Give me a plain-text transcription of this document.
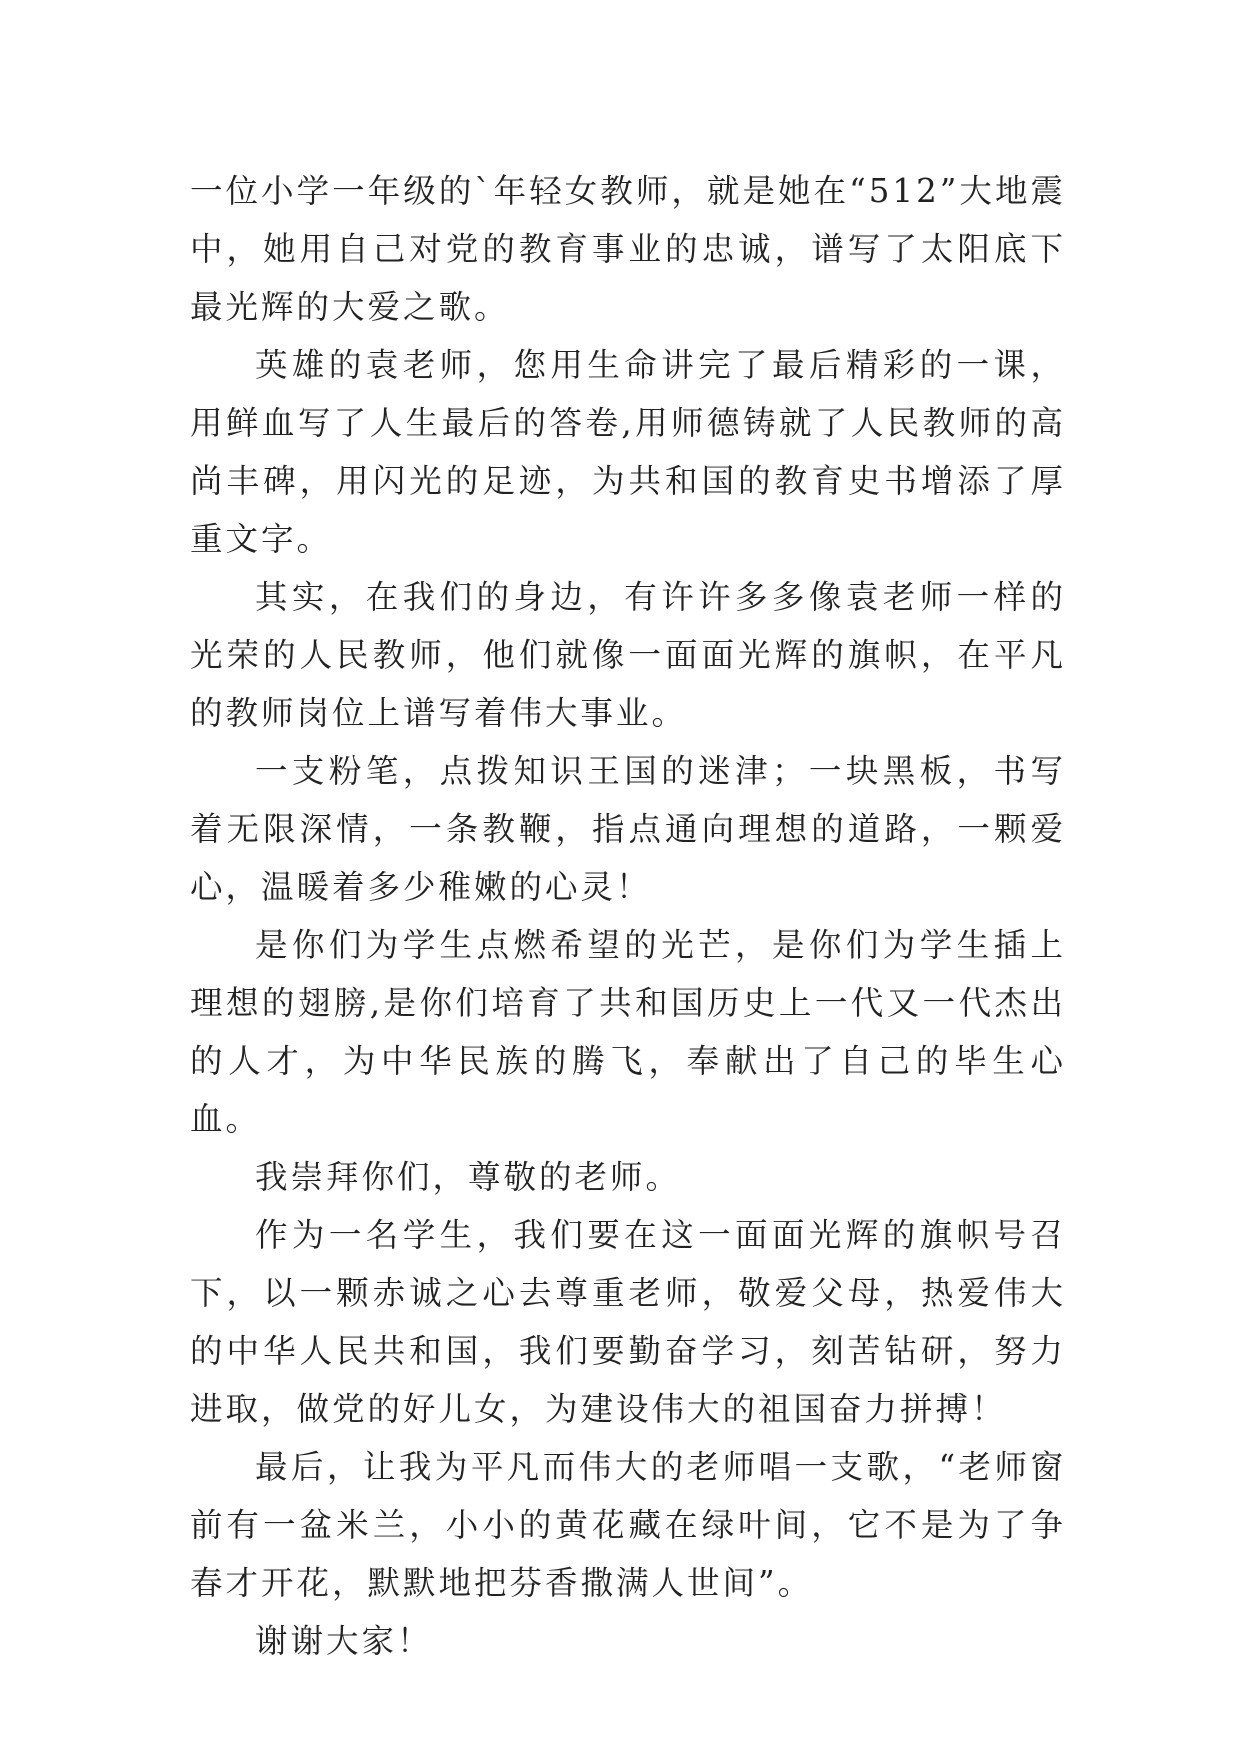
一位小学一年级的`年轻女教师，就是她在“512”大地震中，她用自己对党的教育事业的忠诚，谱写了太阳底下最光辉的大爱之歌。

英雄的袁老师，您用生命讲完了最后精彩的一课，用鲜血写了人生最后的答卷,用师德铸就了人民教师的高尚丰碑，用闪光的足迹，为共和国的教育史书增添了厚重文字。

其实，在我们的身边，有许许多多像袁老师一样的光荣的人民教师，他们就像一面面光辉的旗帜，在平凡的教师岗位上谱写着伟大事业。

一支粉笔，点拨知识王国的迷津；一块黑板，书写着无限深情，一条教鞭，指点通向理想的道路，一颗爱心，温暖着多少稚嫩的心灵！

是你们为学生点燃希望的光芒，是你们为学生插上理想的翅膀,是你们培育了共和国历史上一代又一代杰出的人才，为中华民族的腾飞，奉献出了自己的毕生心血。

我崇拜你们，尊敬的老师。

作为一名学生，我们要在这一面面光辉的旗帜号召下，以一颗赤诚之心去尊重老师，敬爱父母，热爱伟大的中华人民共和国，我们要勤奋学习，刻苦钻研，努力进取，做党的好儿女，为建设伟大的祖国奋力拼搏！

最后，让我为平凡而伟大的老师唱一支歌，“老师窗前有一盆米兰，小小的黄花藏在绿叶间，它不是为了争春才开花，默默地把芬香撒满人世间”。

谢谢大家！
